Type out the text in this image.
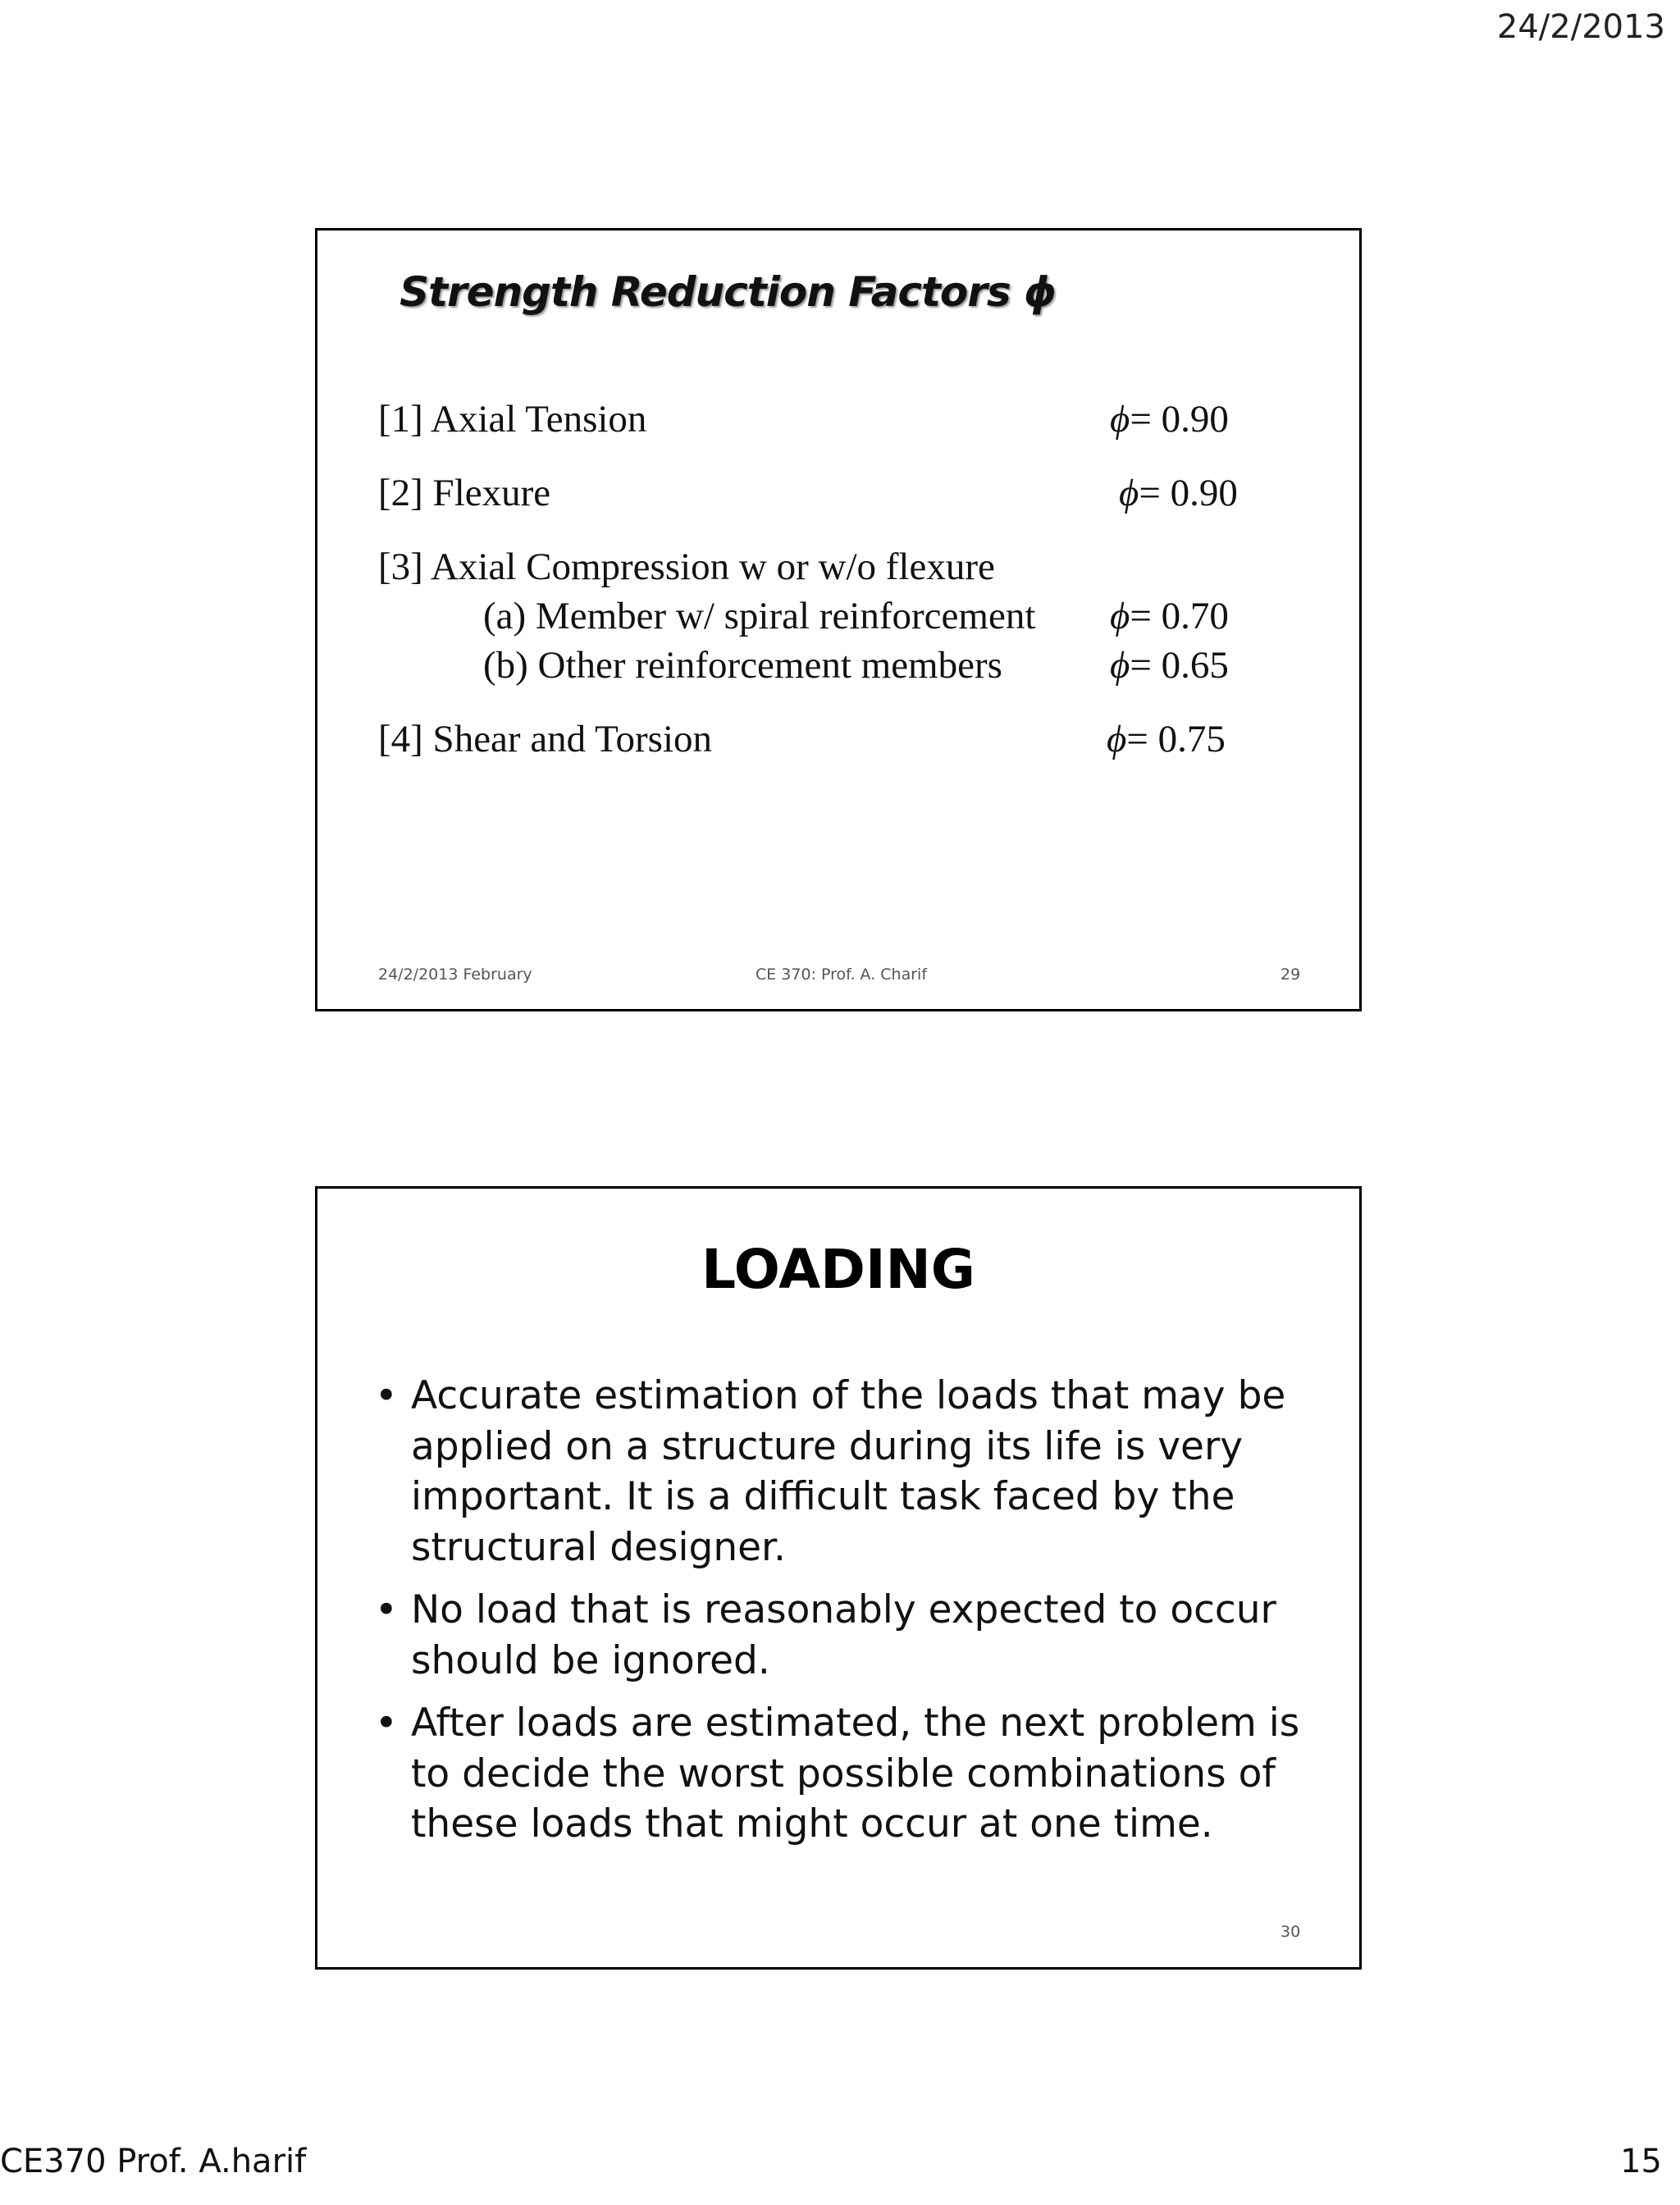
24/2/2013
Strength Reduction Factors ϕ
[1] Axial Tension	ϕ= 0.90
[2] Flexure	ϕ= 0.90
[3] Axial Compression w or w/o flexure
(a) Member w/ spiral reinforcement ϕ= 0.70
(b) Other reinforcement members	ϕ= 0.65
[4] Shear and Torsion	ϕ= 0.75
24/2/2013 February	CE 370: Prof. A. Charif	29
LOADING
• Accurate estimation of the loads that may be applied on a structure during its life is very important. It is a difficult task faced by the structural designer.
• No load that is reasonably expected to occur should be ignored.
• After loads are estimated, the next problem is to decide the worst possible combinations of these loads that might occur at one time.
30
CE370 Prof. A.harif	15
